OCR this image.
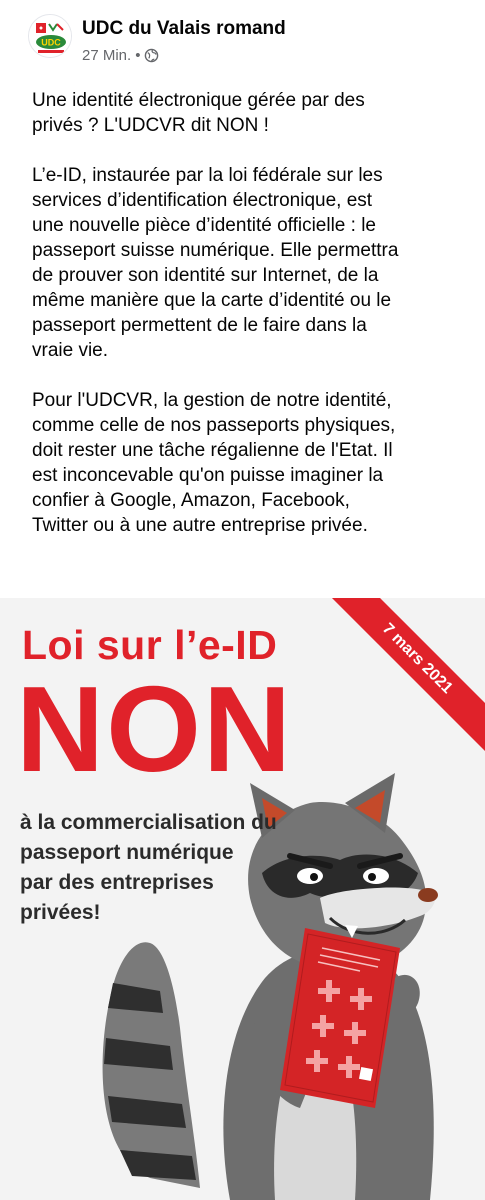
UDC
UDC du Valais romand
27 Min. •

Une identité électronique gérée par des
privés ? L'UDCVR dit NON !

L’e-ID, instaurée par la loi fédérale sur les
services d’identification électronique, est
une nouvelle pièce d’identité officielle : le
passeport suisse numérique. Elle permettra
de prouver son identité sur Internet, de la
même manière que la carte d’identité ou le
passeport permettent de le faire dans la
vraie vie.

Pour l'UDCVR, la gestion de notre identité,
comme celle de nos passeports physiques,
doit rester une tâche régalienne de l'Etat. Il
est inconcevable qu'on puisse imaginer la
confier à Google, Amazon, Facebook,
Twitter ou à une autre entreprise privée.

7 mars 2021
Loi sur l’e-ID
NON
à la commercialisation du
passeport numérique
par des entreprises
privées!
